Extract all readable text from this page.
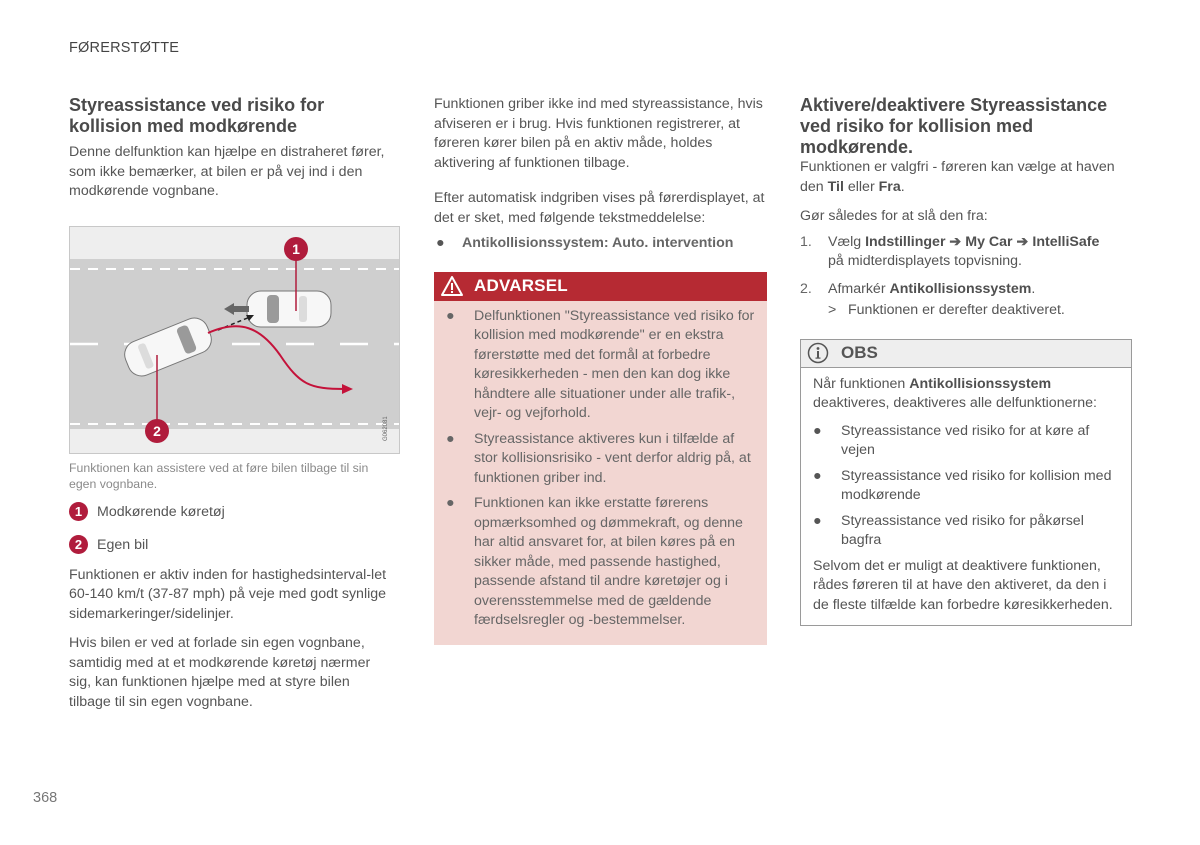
FØRERSTØTTE
Styreassistance ved risiko for kollision med modkørende

Denne delfunktion kan hjælpe en distraheret fører, som ikke bemærker, at bilen er på vej ind i den modkørende vognbane.

1
2	G062081
Funktionen kan assistere ved at føre bilen tilbage til sin egen vognbane.
1	Modkørende køretøj
2	Egen bil

Funktionen er aktiv inden for hastighedsinterval-let 60-140 km/t (37-87 mph) på veje med godt synlige sidemarkeringer/sidelinjer.

Hvis bilen er ved at forlade sin egen vognbane, samtidig med at et modkørende køretøj nærmer sig, kan funktionen hjælpe med at styre bilen tilbage til sin egen vognbane.

Funktionen griber ikke ind med styreassistance, hvis afviseren er i brug. Hvis funktionen registrerer, at føreren kører bilen på en aktiv måde, holdes aktivering af funktionen tilbage.

Efter automatisk indgriben vises på førerdisplayet, at det er sket, med følgende tekstmeddelelse:

●	Antikollisionssystem: Auto. intervention
ADVARSEL
●	Delfunktionen "Styreassistance ved risiko for kollision med modkørende" er en ekstra førerstøtte med det formål at forbedre køresikkerheden - men den kan dog ikke håndtere alle situationer under alle trafik-, vejr- og vejforhold.
●	Styreassistance aktiveres kun i tilfælde af stor kollisionsrisiko - vent derfor aldrig på, at funktionen griber ind.
●	Funktionen kan ikke erstatte førerens opmærksomhed og dømmekraft, og denne har altid ansvaret for, at bilen køres på en sikker måde, med passende hastighed, passende afstand til andre køretøjer og i overensstemmelse med de gældende færdselsregler og -bestemmelser.
Aktivere/deaktivere Styreassistance ved risiko for kollision med modkørende.

Funktionen er valgfri - føreren kan vælge at haven den Til eller Fra.

Gør således for at slå den fra:

1.	Vælg Indstillinger ➔ My Car ➔ IntelliSafe
på midterdisplayets topvisning.
2.	Afmarkér Antikollisionssystem.
> Funktionen er derefter deaktiveret.
OBS

Når funktionen Antikollisionssystem deaktiveres, deaktiveres alle delfunktionerne:

●	Styreassistance ved risiko for at køre af vejen
●	Styreassistance ved risiko for kollision med modkørende
●	Styreassistance ved risiko for påkørsel bagfra

Selvom det er muligt at deaktivere funktionen, rådes føreren til at have den aktiveret, da den i de fleste tilfælde kan forbedre køresikkerheden.

368
